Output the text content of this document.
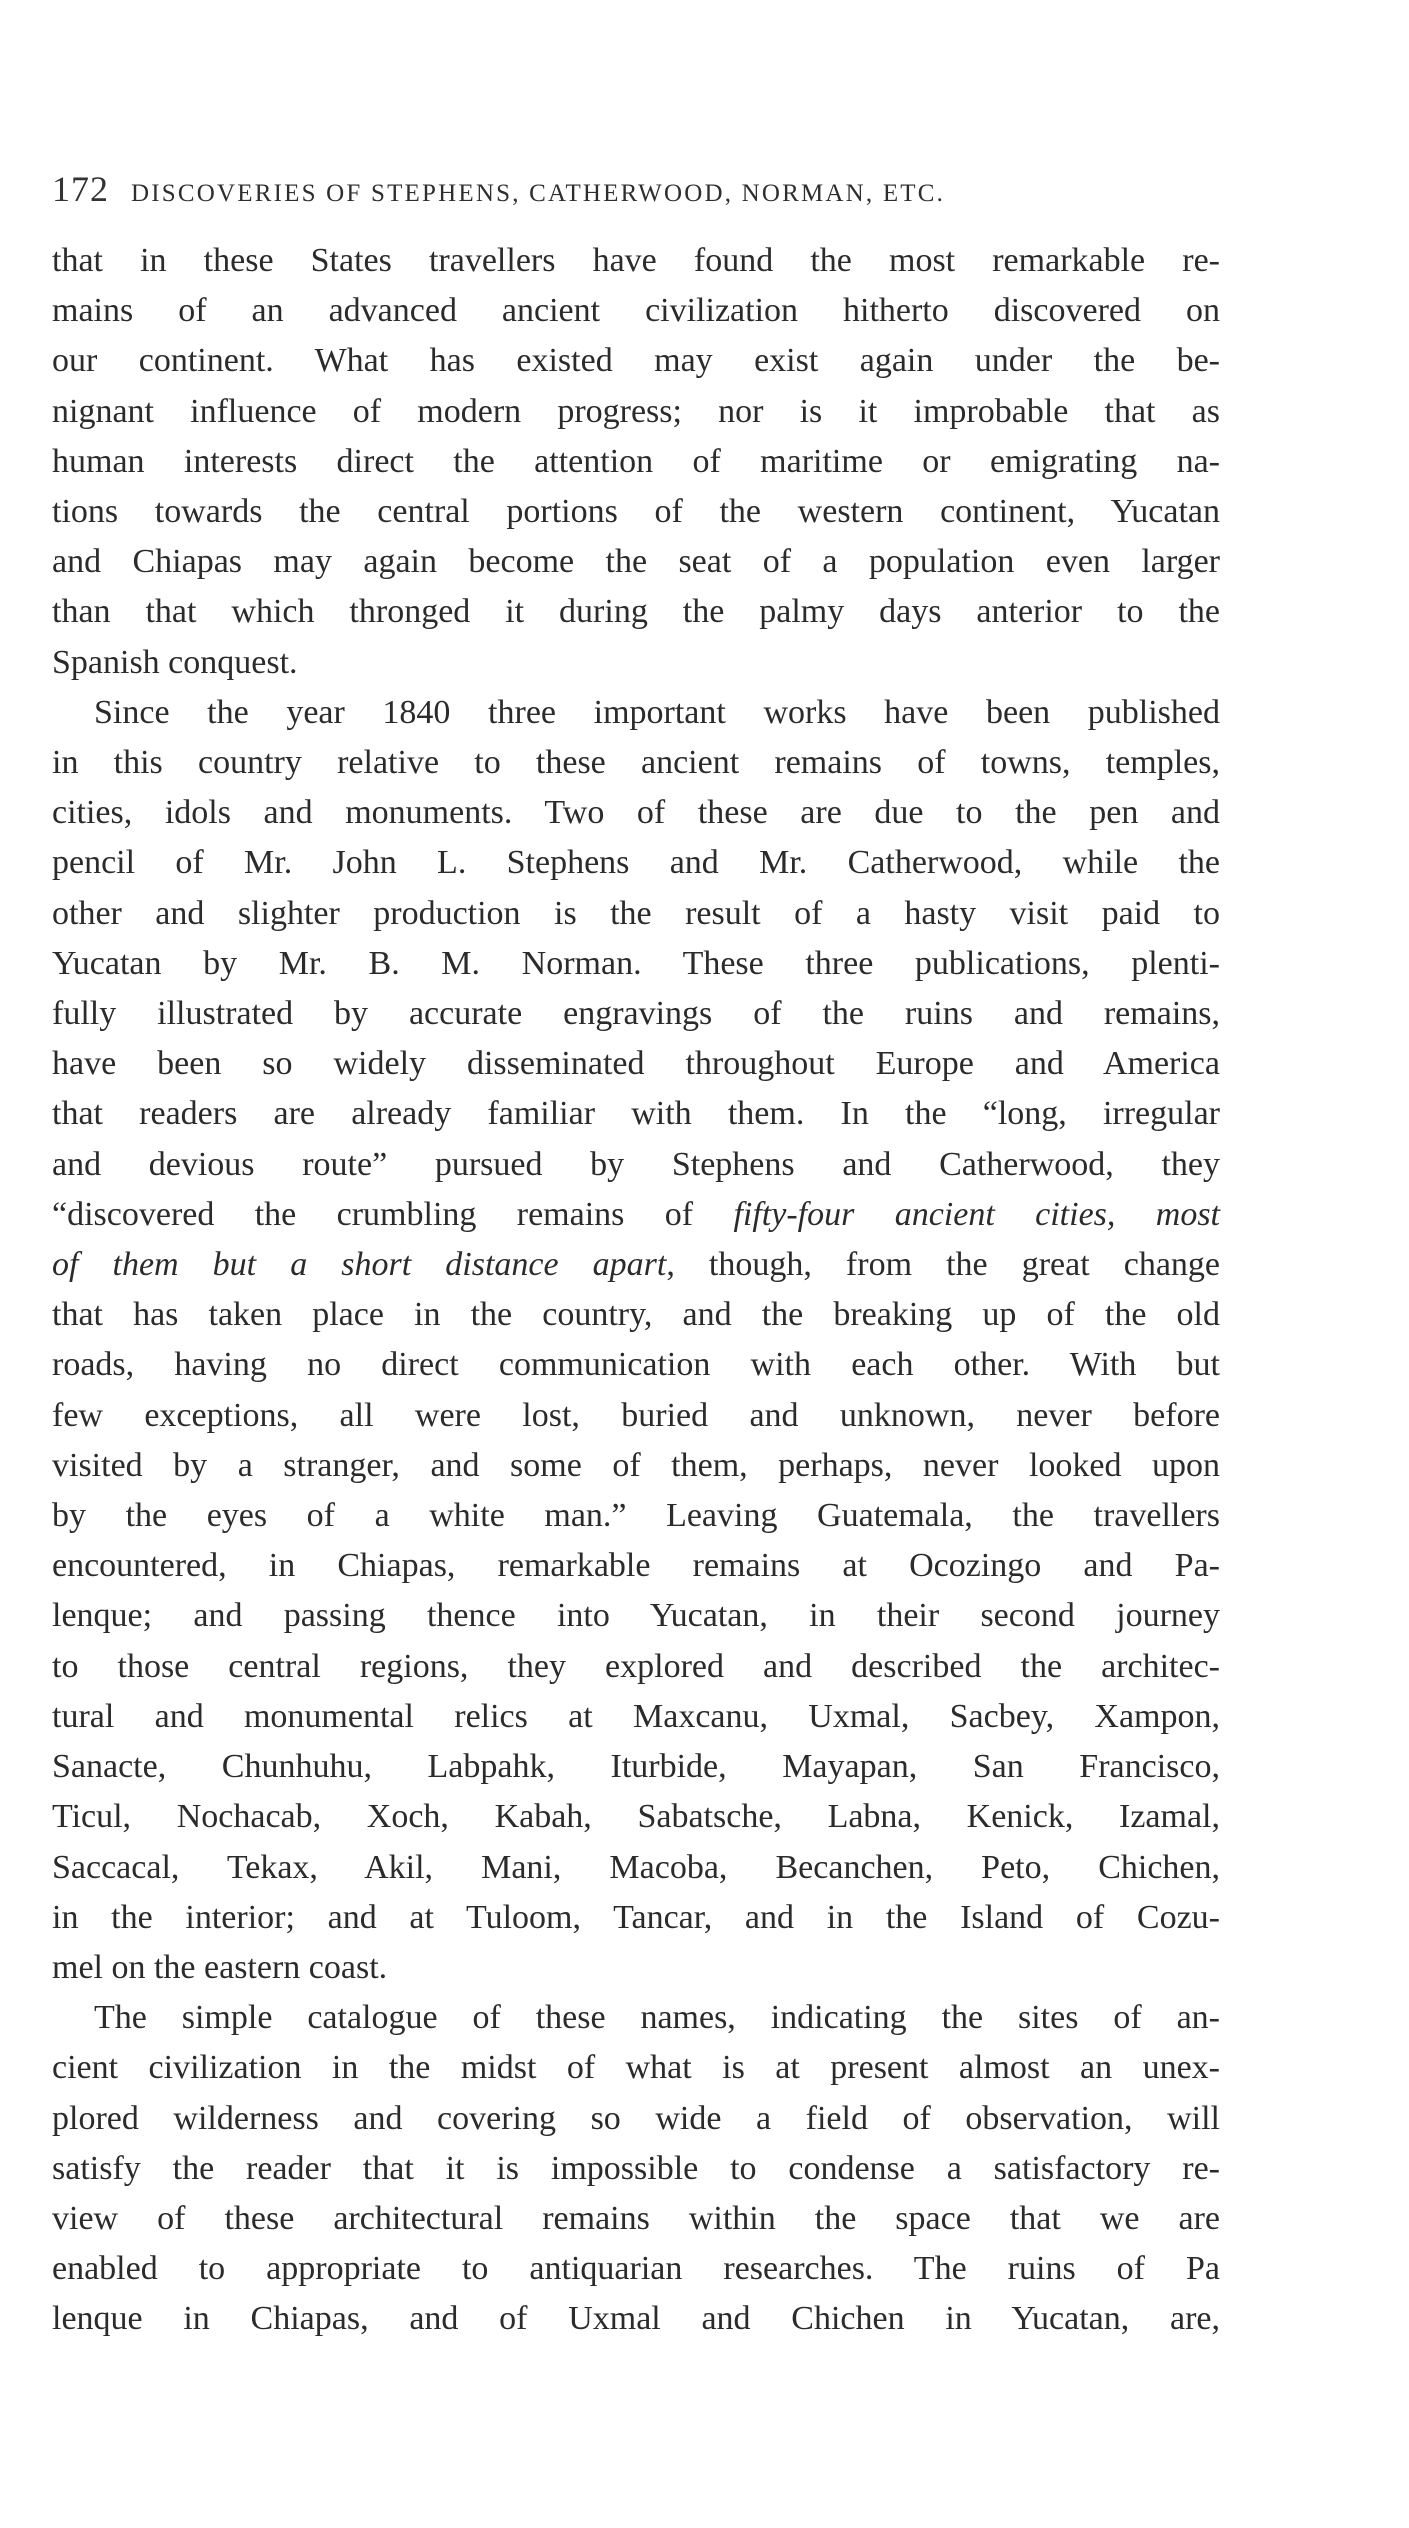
172 DISCOVERIES OF STEPHENS, CATHERWOOD, NORMAN, ETC.

that in these States travellers have found the most remarkable re-
mains of an advanced ancient civilization hitherto discovered on
our continent. What has existed may exist again under the be-
nignant influence of modern progress; nor is it improbable that as
human interests direct the attention of maritime or emigrating na-
tions towards the central portions of the western continent, Yucatan
and Chiapas may again become the seat of a population even larger
than that which thronged it during the palmy days anterior to the
Spanish conquest.

Since the year 1840 three important works have been published
in this country relative to these ancient remains of towns, temples,
cities, idols and monuments. Two of these are due to the pen and
pencil of Mr. John L. Stephens and Mr. Catherwood, while the
other and slighter production is the result of a hasty visit paid to
Yucatan by Mr. B. M. Norman. These three publications, plenti-
fully illustrated by accurate engravings of the ruins and remains,
have been so widely disseminated throughout Europe and America
that readers are already familiar with them. In the “long, irregular
and devious route” pursued by Stephens and Catherwood, they
“discovered the crumbling remains of fifty-four ancient cities, most
of them but a short distance apart, though, from the great change
that has taken place in the country, and the breaking up of the old
roads, having no direct communication with each other. With but
few exceptions, all were lost, buried and unknown, never before
visited by a stranger, and some of them, perhaps, never looked upon
by the eyes of a white man.” Leaving Guatemala, the travellers
encountered, in Chiapas, remarkable remains at Ocozingo and Pa-
lenque; and passing thence into Yucatan, in their second journey
to those central regions, they explored and described the architec-
tural and monumental relics at Maxcanu, Uxmal, Sacbey, Xampon,
Sanacte, Chunhuhu, Labpahk, Iturbide, Mayapan, San Francisco,
Ticul, Nochacab, Xoch, Kabah, Sabatsche, Labna, Kenick, Izamal,
Saccacal, Tekax, Akil, Mani, Macoba, Becanchen, Peto, Chichen,
in the interior; and at Tuloom, Tancar, and in the Island of Cozu-
mel on the eastern coast.

The simple catalogue of these names, indicating the sites of an-
cient civilization in the midst of what is at present almost an unex-
plored wilderness and covering so wide a field of observation, will
satisfy the reader that it is impossible to condense a satisfactory re-
view of these architectural remains within the space that we are
enabled to appropriate to antiquarian researches. The ruins of Pa
lenque in Chiapas, and of Uxmal and Chichen in Yucatan, are,
